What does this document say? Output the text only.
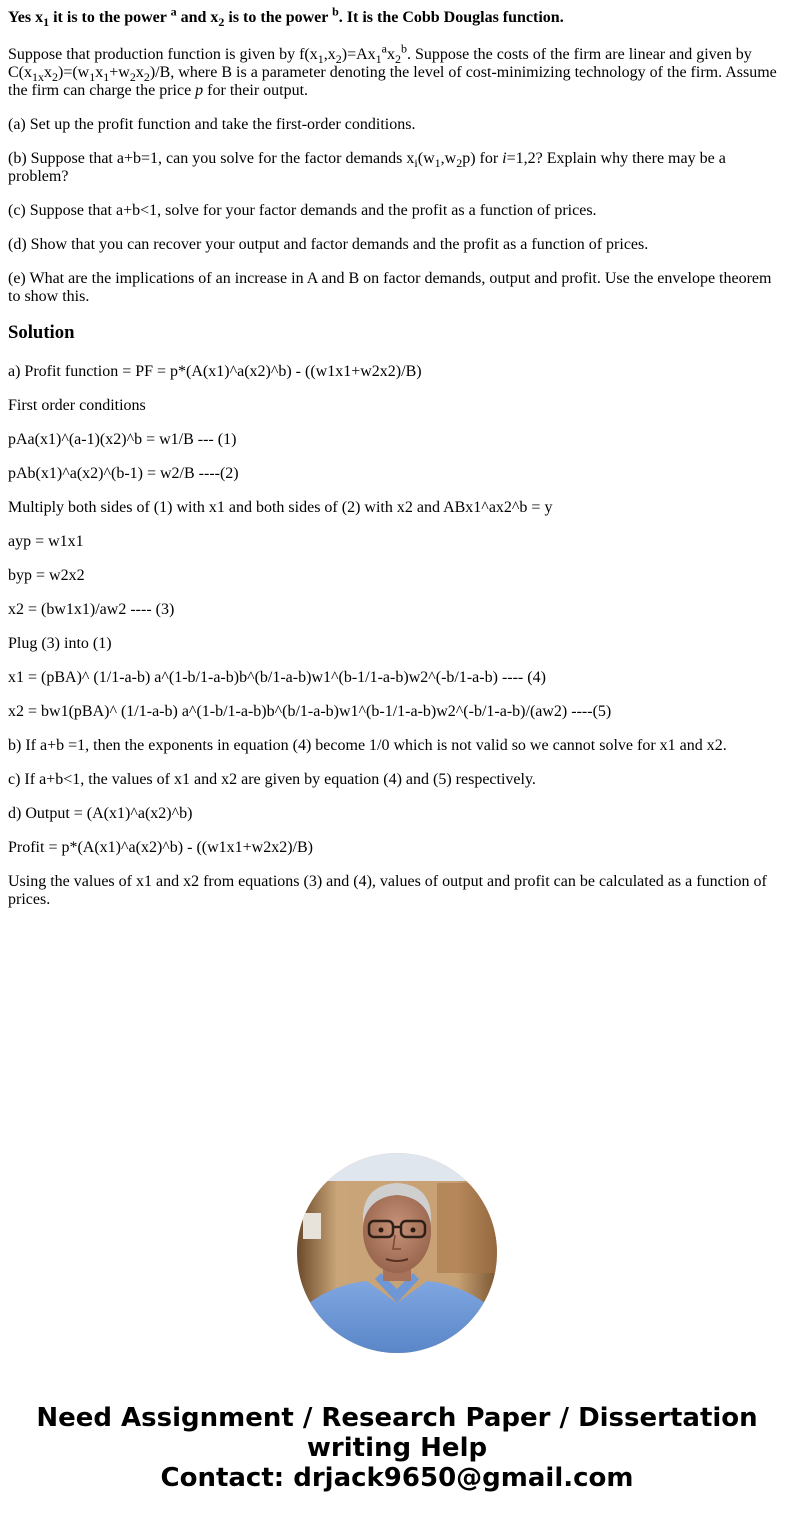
Yes $x_1$ it is to the power $^a$ and $x_2$ is to the power $^b$. It is the Cobb Douglas function.

Suppose that production function is given by $f(x_1,x_2)=Ax_1^ax_2^b$. Suppose the costs of the firm are linear and given by $C(x_{1x}x_2)=(w_1x_1+w_2x_2)/B$, where B is a parameter denoting the level of cost-minimizing technology of the firm. Assume the firm can charge the price p for their output.

(a) Set up the profit function and take the first-order conditions.

(b) Suppose that a+b=1, can you solve for the factor demands $x_i(w_1,w_2p)$ for i=1,2? Explain why there may be a problem?

(c) Suppose that a+b<1, solve for your factor demands and the profit as a function of prices.

(d) Show that you can recover your output and factor demands and the profit as a function of prices.

(e) What are the implications of an increase in A and B on factor demands, output and profit. Use the envelope theorem to show this.

Solution

a) Profit function = PF = p*(A(x1)^a(x2)^b) - ((w1x1+w2x2)/B)

First order conditions

pAa(x1)^(a-1)(x2)^b = w1/B --- (1)

pAb(x1)^a(x2)^(b-1) = w2/B ----(2)

Multiply both sides of (1) with x1 and both sides of (2) with x2 and ABx1^ax2^b = y

ayp = w1x1

byp = w2x2

x2 = (bw1x1)/aw2 ---- (3)

Plug (3) into (1)

x1 = (pBA)^ (1/1-a-b) a^(1-b/1-a-b)b^(b/1-a-b)w1^(b-1/1-a-b)w2^(-b/1-a-b) ---- (4)

x2 = bw1(pBA)^ (1/1-a-b) a^(1-b/1-a-b)b^(b/1-a-b)w1^(b-1/1-a-b)w2^(-b/1-a-b)/(aw2) ----(5)

b) If a+b =1, then the exponents in equation (4) become 1/0 which is not valid so we cannot solve for x1 and x2.

c) If a+b<1, the values of x1 and x2 are given by equation (4) and (5) respectively.

d) Output = (A(x1)^a(x2)^b)

Profit = p*(A(x1)^a(x2)^b) - ((w1x1+w2x2)/B)

Using the values of x1 and x2 from equations (3) and (4), values of output and profit can be calculated as a function of prices.

Need Assignment / Research Paper / Dissertation
writing Help
Contact: drjack9650@gmail.com
